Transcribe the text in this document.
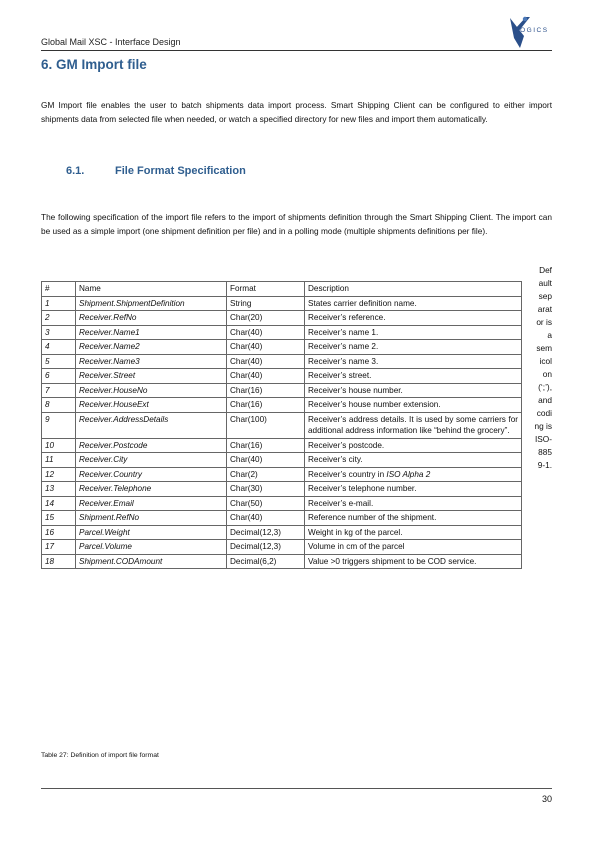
Global Mail XSC - Interface Design
LOGICS
6. GM Import file

GM Import file enables the user to batch shipments data import process. Smart Shipping Client can be configured to either import shipments data from selected file when needed, or watch a specified directory for new files and import them automatically.

6.1.	File Format Specification

The following specification of the import file refers to the import of shipments definition through the Smart Shipping Client. The import can be used as a simple import (one shipment definition per file) and in a polling mode (multiple shipments definitions per file).

Def
ault
sep
arat
or is
a
sem
icol
on
(‘;’),
and
codi
ng is
ISO-
885
9-1.
#	Name	Format	Description
1	Shipment.ShipmentDefinition	String	States carrier definition name.
2	Receiver.RefNo	Char(20)	Receiver’s reference.
3	Receiver.Name1	Char(40)	Receiver’s name 1.
4	Receiver.Name2	Char(40)	Receiver’s name 2.
5	Receiver.Name3	Char(40)	Receiver’s name 3.
6	Receiver.Street	Char(40)	Receiver’s street.
7	Receiver.HouseNo	Char(16)	Receiver’s house number.
8	Receiver.HouseExt	Char(16)	Receiver’s house number extension.
9	Receiver.AddressDetails	Char(100)	Receiver’s address details. It is used by some carriers for additional address information like “behind the grocery”.
10	Receiver.Postcode	Char(16)	Receiver’s postcode.
11	Receiver.City	Char(40)	Receiver’s city.
12	Receiver.Country	Char(2)	Receiver’s country in ISO Alpha 2
13	Receiver.Telephone	Char(30)	Receiver’s telephone number.
14	Receiver.Email	Char(50)	Receiver’s e-mail.
15	Shipment.RefNo	Char(40)	Reference number of the shipment.
16	Parcel.Weight	Decimal(12,3)	Weight in kg of the parcel.
17	Parcel.Volume	Decimal(12,3)	Volume in cm of the parcel
18	Shipment.CODAmount	Decimal(6,2)	Value >0 triggers shipment to be COD service.
Table 27: Definition of import file format
30
